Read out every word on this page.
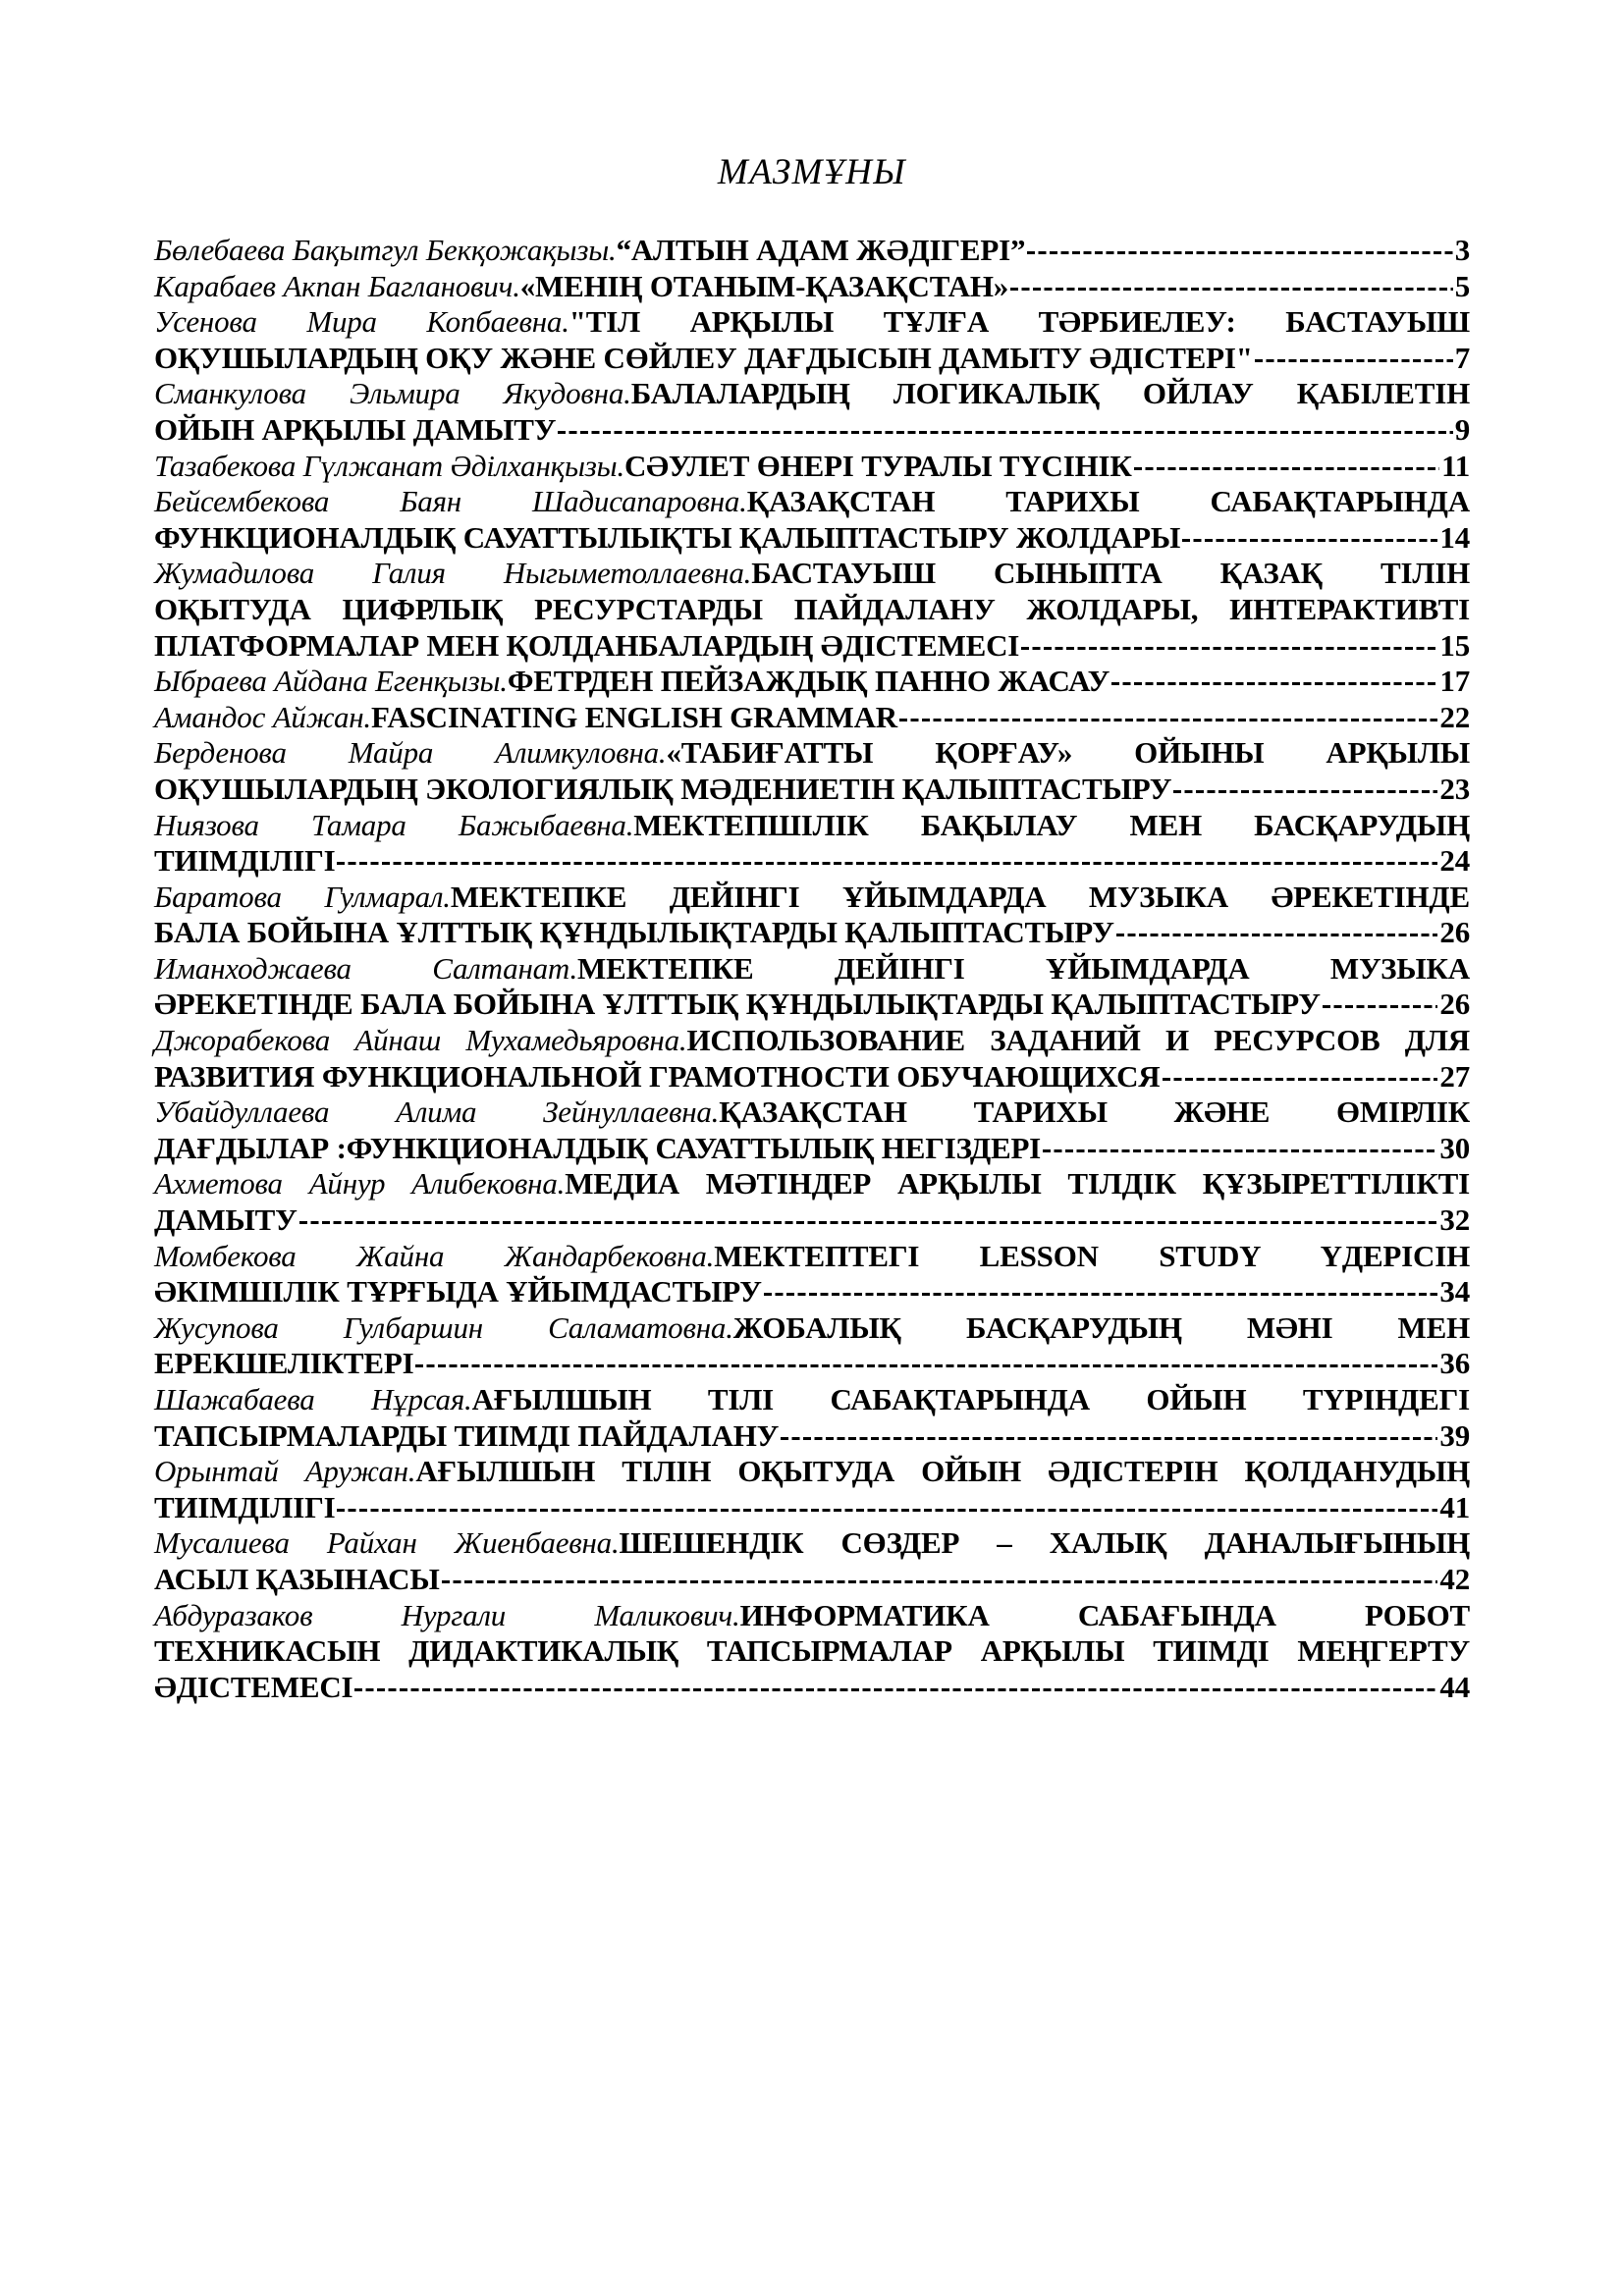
МАЗМҰНЫ
Бөлебаева Бақытгул Бекқожақызы.“АЛТЫН АДАМ ЖӘДІГЕРІ”	3
Карабаев Акпан Багланович.«МЕНІҢ ОТАНЫМ-ҚАЗАҚСТАН»	5
Усенова Мира Копбаевна."ТІЛ АРҚЫЛЫ ТҰЛҒА ТӘРБИЕЛЕУ: БАСТАУЫШ
ОҚУШЫЛАРДЫҢ ОҚУ ЖӘНЕ СӨЙЛЕУ ДАҒДЫСЫН ДАМЫТУ ӘДІСТЕРІ"	7
Сманкулова Эльмира Якудовна.БАЛАЛАРДЫҢ ЛОГИКАЛЫҚ ОЙЛАУ ҚАБІЛЕТІН
ОЙЫН АРҚЫЛЫ ДАМЫТУ	9
Тазабекова Гүлжанат Әділханқызы.СӘУЛЕТ ӨНЕРІ ТУРАЛЫ ТҮСІНІК	11
Бейсембекова Баян Шадисапаровна.ҚАЗАҚСТАН ТАРИХЫ САБАҚТАРЫНДА
ФУНКЦИОНАЛДЫҚ САУАТТЫЛЫҚТЫ ҚАЛЫПТАСТЫРУ ЖОЛДАРЫ	14
Жумадилова Галия Ныгыметоллаевна.БАСТАУЫШ СЫНЫПТА ҚАЗАҚ ТІЛІН
ОҚЫТУДА ЦИФРЛЫҚ РЕСУРСТАРДЫ ПАЙДАЛАНУ ЖОЛДАРЫ, ИНТЕРАКТИВТІ
ПЛАТФОРМАЛАР МЕН ҚОЛДАНБАЛАРДЫҢ ӘДІСТЕМЕСІ	15
Ыбраева Айдана Егенқызы.ФЕТРДЕН ПЕЙЗАЖДЫҚ ПАННО ЖАСАУ	17
Амандос Айжан.FASCINATING ENGLISH GRAMMAR	22
Берденова Майра Алимкуловна.«ТАБИҒАТТЫ ҚОРҒАУ» ОЙЫНЫ АРҚЫЛЫ
ОҚУШЫЛАРДЫҢ ЭКОЛОГИЯЛЫҚ МӘДЕНИЕТІН ҚАЛЫПТАСТЫРУ	23
Ниязова Тамара Бажыбаевна.МЕКТЕПШІЛІК БАҚЫЛАУ МЕН БАСҚАРУДЫҢ
ТИІМДІЛІГІ	24
Баратова Гулмарал.МЕКТЕПКЕ ДЕЙІНГІ ҰЙЫМДАРДА МУЗЫКА ӘРЕКЕТІНДЕ
БАЛА БОЙЫНА ҰЛТТЫҚ ҚҰНДЫЛЫҚТАРДЫ ҚАЛЫПТАСТЫРУ	26
Иманходжаева Салтанат.МЕКТЕПКЕ ДЕЙІНГІ ҰЙЫМДАРДА МУЗЫКА
ӘРЕКЕТІНДЕ БАЛА БОЙЫНА ҰЛТТЫҚ ҚҰНДЫЛЫҚТАРДЫ ҚАЛЫПТАСТЫРУ	26
Джорабекова Айнаш Мухамедьяровна.ИСПОЛЬЗОВАНИЕ ЗАДАНИЙ И РЕСУРСОВ ДЛЯ
РАЗВИТИЯ ФУНКЦИОНАЛЬНОЙ ГРАМОТНОСТИ ОБУЧАЮЩИХСЯ	27
Убайдуллаева Алима Зейнуллаевна.ҚАЗАҚСТАН ТАРИХЫ ЖӘНЕ ӨМІРЛІК
ДАҒДЫЛАР :ФУНКЦИОНАЛДЫҚ САУАТТЫЛЫҚ НЕГІЗДЕРІ	30
Ахметова Айнур Алибековна.МЕДИА МӘТІНДЕР АРҚЫЛЫ ТІЛДІК ҚҰЗЫРЕТТІЛІКТІ
ДАМЫТУ	32
Момбекова Жайна Жандарбековна.МЕКТЕПТЕГІ LESSON STUDY ҮДЕРІСІН
ӘКІМШІЛІК ТҰРҒЫДА ҰЙЫМДАСТЫРУ	34
Жусупова Гулбаршин Саламатовна.ЖОБАЛЫҚ БАСҚАРУДЫҢ МӘНІ МЕН
ЕРЕКШЕЛІКТЕРІ	36
Шажабаева Нұрсая.АҒЫЛШЫН ТІЛІ САБАҚТАРЫНДА ОЙЫН ТҮРІНДЕГІ
ТАПСЫРМАЛАРДЫ ТИІМДІ ПАЙДАЛАНУ	39
Орынтай Аружан.АҒЫЛШЫН ТІЛІН ОҚЫТУДА ОЙЫН ӘДІСТЕРІН ҚОЛДАНУДЫҢ
ТИІМДІЛІГІ	41
Мусалиева Райхан Жиенбаевна.ШЕШЕНДІК СӨЗДЕР – ХАЛЫҚ ДАНАЛЫҒЫНЫҢ
АСЫЛ ҚАЗЫНАСЫ	42
Абдуразаков Нургали Маликович.ИНФОРМАТИКА САБАҒЫНДА РОБОТ
ТЕХНИКАСЫН ДИДАКТИКАЛЫҚ ТАПСЫРМАЛАР АРҚЫЛЫ ТИІМДІ МЕҢГЕРТУ
ӘДІСТЕМЕСІ	44
